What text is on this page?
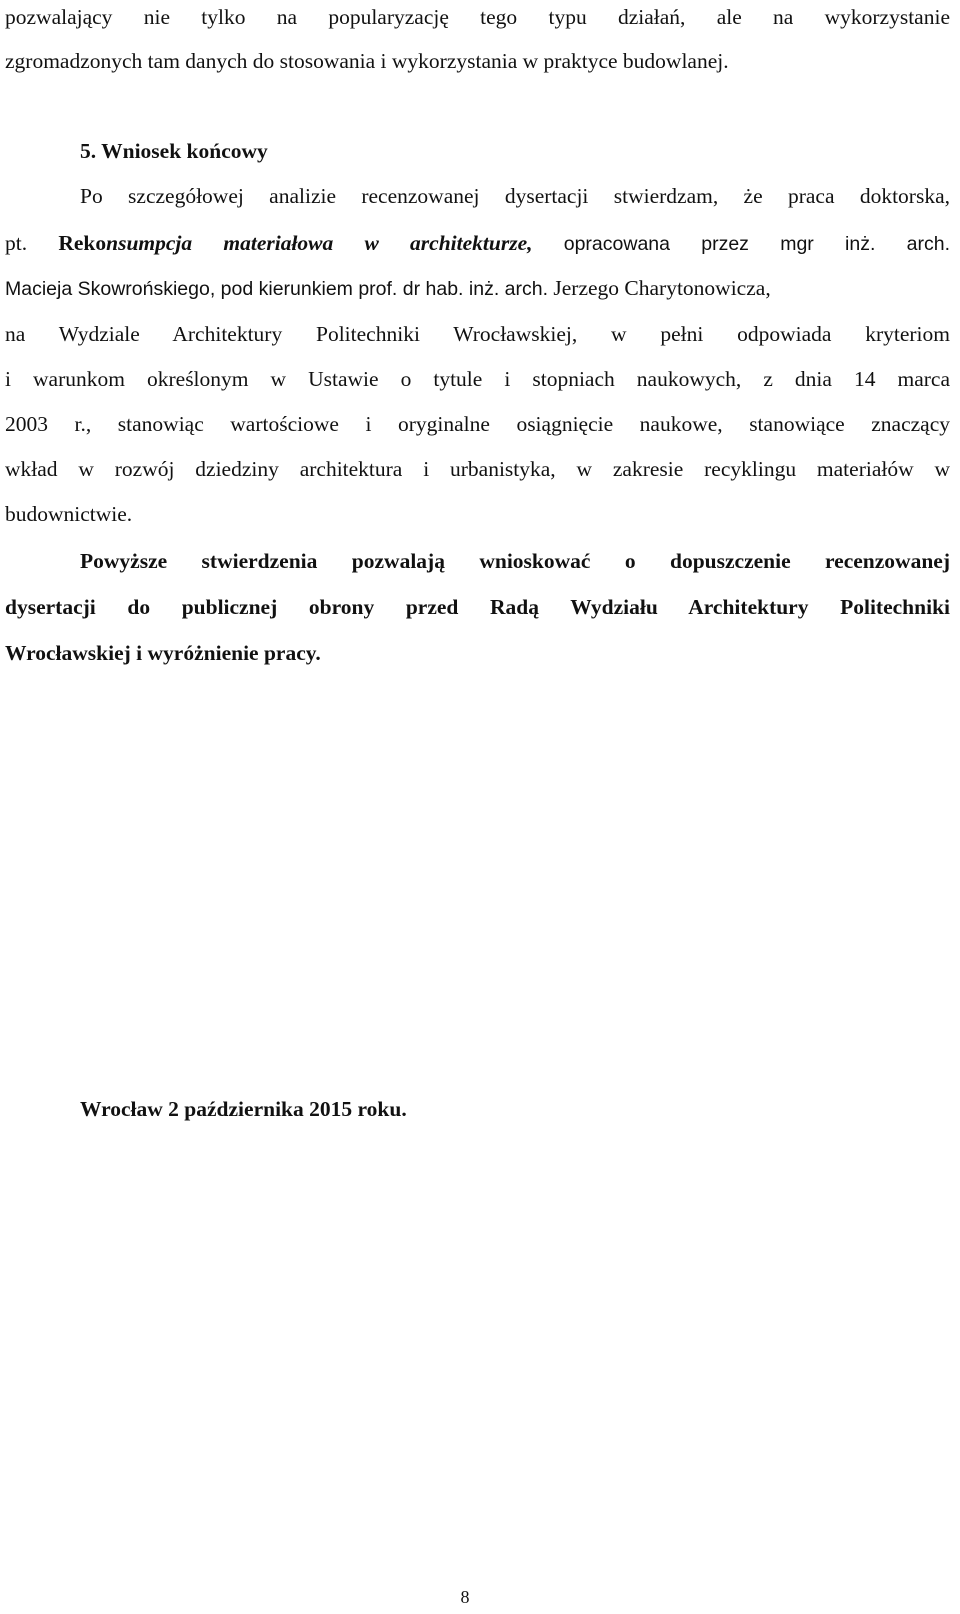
pozwalający nie tylko na popularyzację tego typu działań, ale na wykorzystanie
zgromadzonych tam danych do stosowania i wykorzystania w praktyce budowlanej.
5. Wniosek końcowy
Po szczegółowej analizie recenzowanej dysertacji stwierdzam, że praca doktorska,
pt. Rekonsumpcja materiałowa w architekturze, opracowana przez mgr inż. arch.
Macieja Skowrońskiego, pod kierunkiem prof. dr hab. inż. arch. Jerzego Charytonowicza,
na Wydziale Architektury Politechniki Wrocławskiej, w pełni odpowiada kryteriom
i warunkom określonym w Ustawie o tytule i stopniach naukowych, z dnia 14 marca
2003 r., stanowiąc wartościowe i oryginalne osiągnięcie naukowe, stanowiące znaczący
wkład w rozwój dziedziny architektura i urbanistyka, w zakresie recyklingu materiałów w
budownictwie.
Powyższe stwierdzenia pozwalają wnioskować o dopuszczenie recenzowanej
dysertacji do publicznej obrony przed Radą Wydziału Architektury Politechniki
Wrocławskiej i wyróżnienie pracy.
Wrocław 2 października 2015 roku.
8
